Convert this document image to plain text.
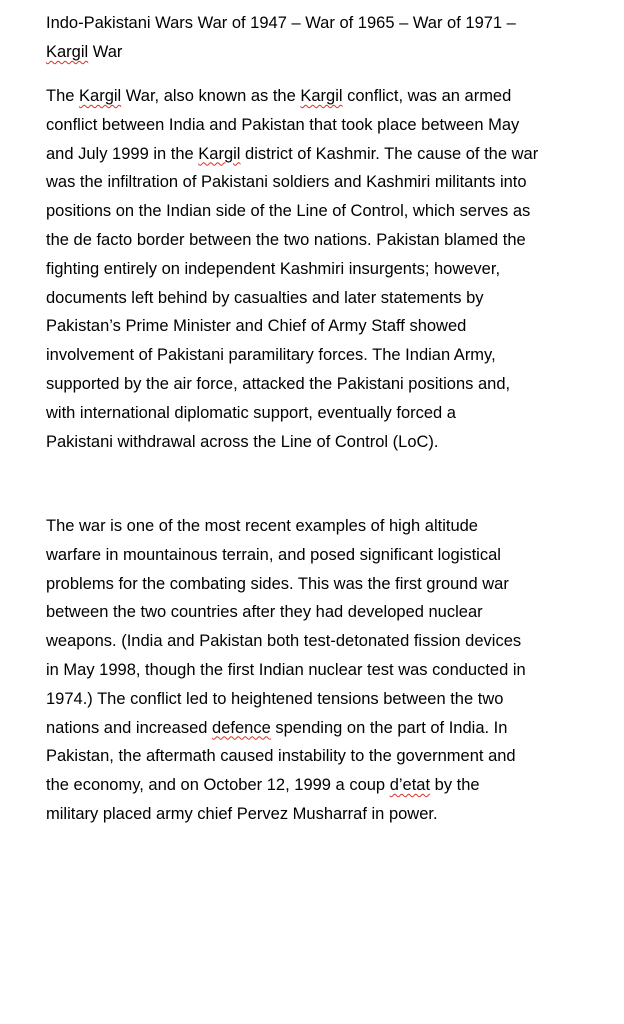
Indo-Pakistani Wars War of 1947 – War of 1965 – War of 1971 –
Kargil War

The Kargil War, also known as the Kargil conflict, was an armed
conflict between India and Pakistan that took place between May
and July 1999 in the Kargil district of Kashmir. The cause of the war
was the infiltration of Pakistani soldiers and Kashmiri militants into
positions on the Indian side of the Line of Control, which serves as
the de facto border between the two nations. Pakistan blamed the
fighting entirely on independent Kashmiri insurgents; however,
documents left behind by casualties and later statements by
Pakistan’s Prime Minister and Chief of Army Staff showed
involvement of Pakistani paramilitary forces. The Indian Army,
supported by the air force, attacked the Pakistani positions and,
with international diplomatic support, eventually forced a
Pakistani withdrawal across the Line of Control (LoC).

The war is one of the most recent examples of high altitude
warfare in mountainous terrain, and posed significant logistical
problems for the combating sides. This was the first ground war
between the two countries after they had developed nuclear
weapons. (India and Pakistan both test-detonated fission devices
in May 1998, though the first Indian nuclear test was conducted in
1974.) The conflict led to heightened tensions between the two
nations and increased defence spending on the part of India. In
Pakistan, the aftermath caused instability to the government and
the economy, and on October 12, 1999 a coup d’etat by the
military placed army chief Pervez Musharraf in power.
